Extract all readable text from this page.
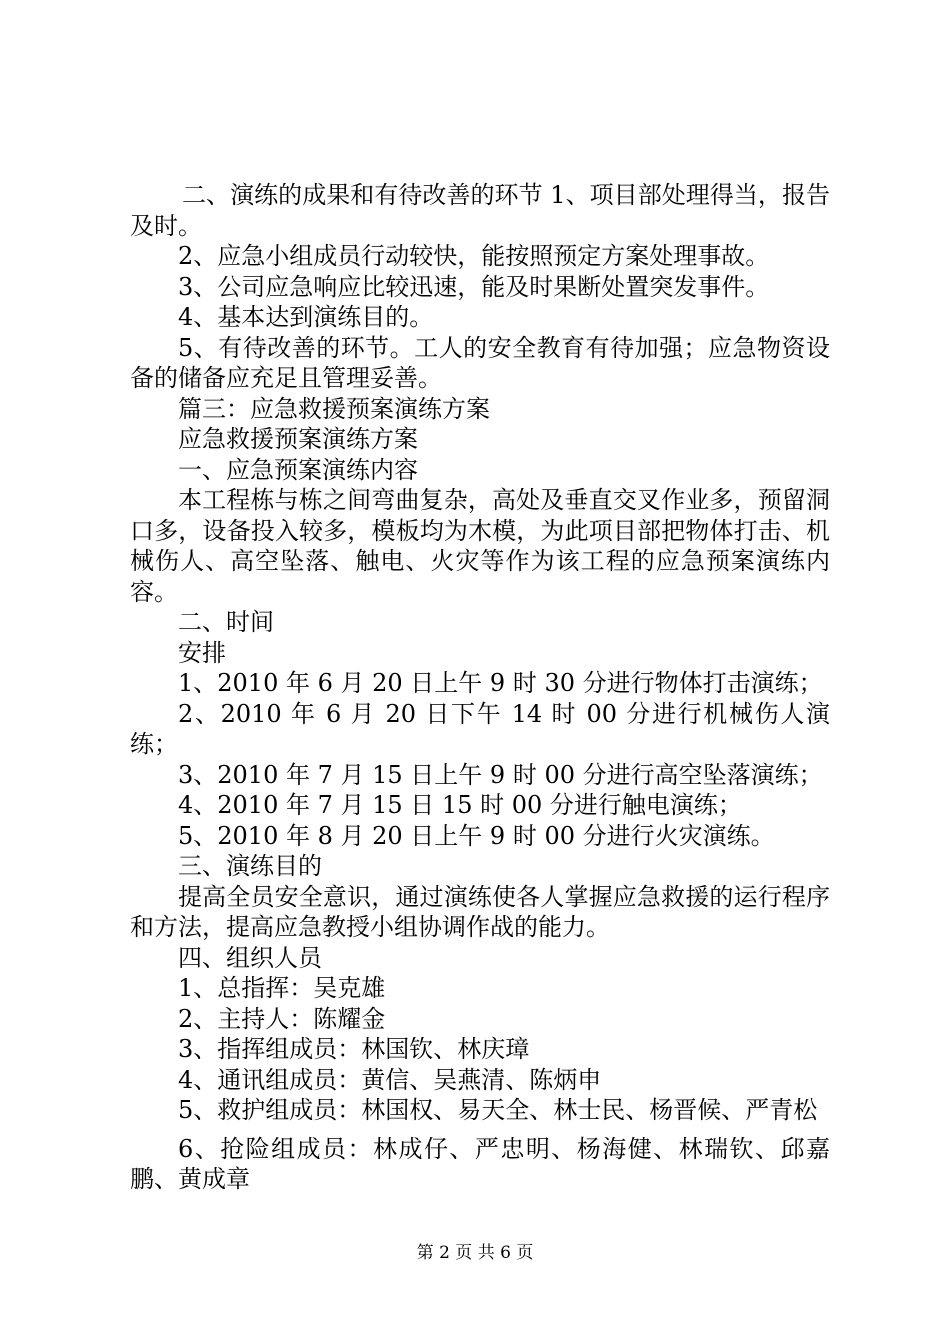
二、演练的成果和有待改善的环节 1、项目部处理得当，报告及时。

2、应急小组成员行动较快，能按照预定方案处理事故。

3、公司应急响应比较迅速，能及时果断处置突发事件。

4、基本达到演练目的。

5、有待改善的环节。工人的安全教育有待加强；应急物资设备的储备应充足且管理妥善。

篇三：应急救援预案演练方案

应急救援预案演练方案

一、应急预案演练内容

本工程栋与栋之间弯曲复杂，高处及垂直交叉作业多，预留洞口多，设备投入较多，模板均为木模，为此项目部把物体打击、机械伤人、高空坠落、触电、火灾等作为该工程的应急预案演练内容。

二、时间

安排

1、2010 年 6 月 20 日上午 9 时 30 分进行物体打击演练；

2、2010 年 6 月 20 日下午 14 时 00 分进行机械伤人演练；

3、2010 年 7 月 15 日上午 9 时 00 分进行高空坠落演练；

4、2010 年 7 月 15 日 15 时 00 分进行触电演练；

5、2010 年 8 月 20 日上午 9 时 00 分进行火灾演练。

三、演练目的

提高全员安全意识，通过演练使各人掌握应急救援的运行程序和方法，提高应急教授小组协调作战的能力。

四、组织人员

1、总指挥：吴克雄

2、主持人：陈耀金

3、指挥组成员：林国钦、林庆璋

4、通讯组成员：黄信、吴燕清、陈炳申

5、救护组成员：林国权、易天全、林士民、杨晋候、严青松

6、抢险组成员：林成仔、严忠明、杨海健、林瑞钦、邱嘉鹏、黄成章

第 2 页 共 6 页
